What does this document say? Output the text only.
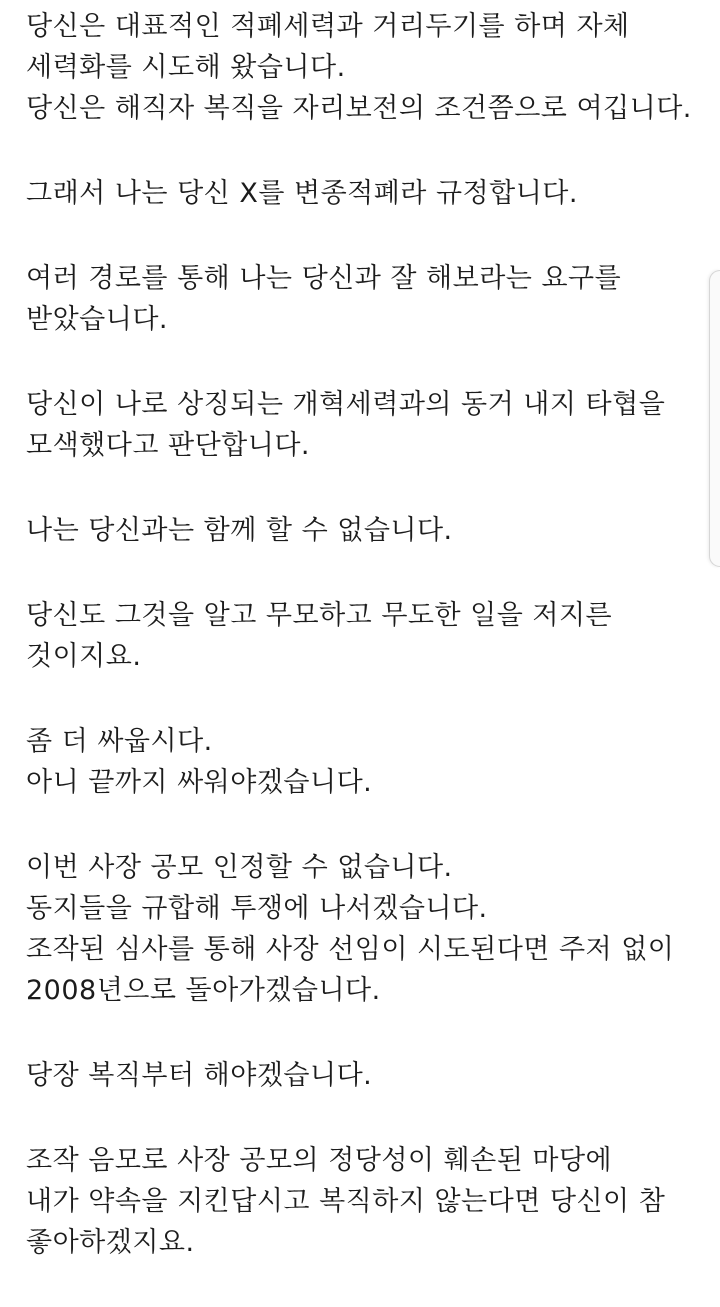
당신은 대표적인 적폐세력과 거리두기를 하며 자체
세력화를 시도해 왔습니다.
당신은 해직자 복직을 자리보전의 조건쯤으로 여깁니다.
그래서 나는 당신 X를 변종적폐라 규정합니다.
여러 경로를 통해 나는 당신과 잘 해보라는 요구를
받았습니다.
당신이 나로 상징되는 개혁세력과의 동거 내지 타협을
모색했다고 판단합니다.
나는 당신과는 함께 할 수 없습니다.
당신도 그것을 알고 무모하고 무도한 일을 저지른
것이지요.
좀 더 싸웁시다.
아니 끝까지 싸워야겠습니다.
이번 사장 공모 인정할 수 없습니다.
동지들을 규합해 투쟁에 나서겠습니다.
조작된 심사를 통해 사장 선임이 시도된다면 주저 없이
2008년으로 돌아가겠습니다.
당장 복직부터 해야겠습니다.
조작 음모로 사장 공모의 정당성이 훼손된 마당에
내가 약속을 지킨답시고 복직하지 않는다면 당신이 참
좋아하겠지요.
